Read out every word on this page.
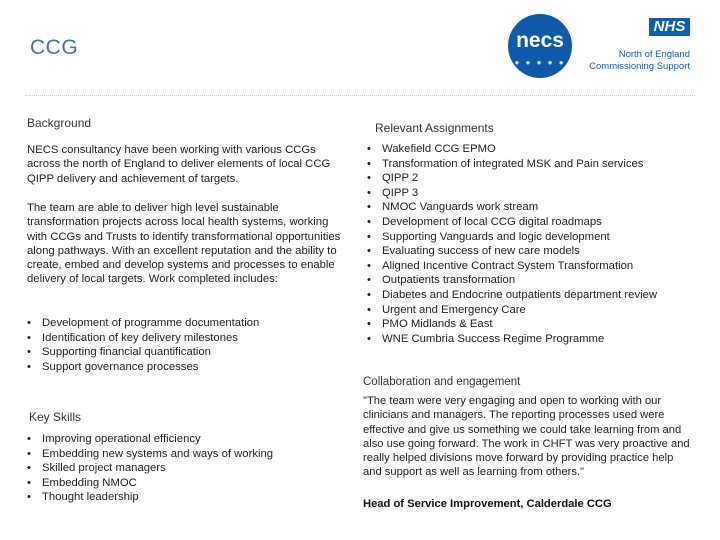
CCG	necs
● ● ● ● ●
NHS
North of England
Commissioning Support
Background
NECS consultancy have been working with various CCGs across the north of England to deliver elements of local CCG QIPP delivery and achievement of targets.
The team are able to deliver high level sustainable transformation projects across local health systems, working with CCGs and Trusts to identify transformational opportunities along pathways. With an excellent reputation and the ability to create, embed and develop systems and processes to enable delivery of local targets. Work completed includes:
• Development of programme documentation
• Identification of key delivery milestones
• Supporting financial quantification
• Support governance processes
Key Skills
• Improving operational efficiency
• Embedding new systems and ways of working
• Skilled project managers
• Embedding NMOC
• Thought leadership
Relevant Assignments
• Wakefield CCG EPMO
• Transformation of integrated MSK and Pain services
• QIPP 2
• QIPP 3
• NMOC Vanguards work stream
• Development of local CCG digital roadmaps
• Supporting Vanguards and logic development
• Evaluating success of new care models
• Aligned Incentive Contract System Transformation
• Outpatients transformation
• Diabetes and Endocrine outpatients department review
• Urgent and Emergency Care
• PMO Midlands & East
• WNE Cumbria Success Regime Programme
Collaboration and engagement
"The team were very engaging and open to working with our clinicians and managers. The reporting processes used were effective and give us something we could take learning from and also use going forward. The work in CHFT was very proactive and really helped divisions move forward by providing practice help and support as well as learning from others."
Head of Service Improvement, Calderdale CCG
